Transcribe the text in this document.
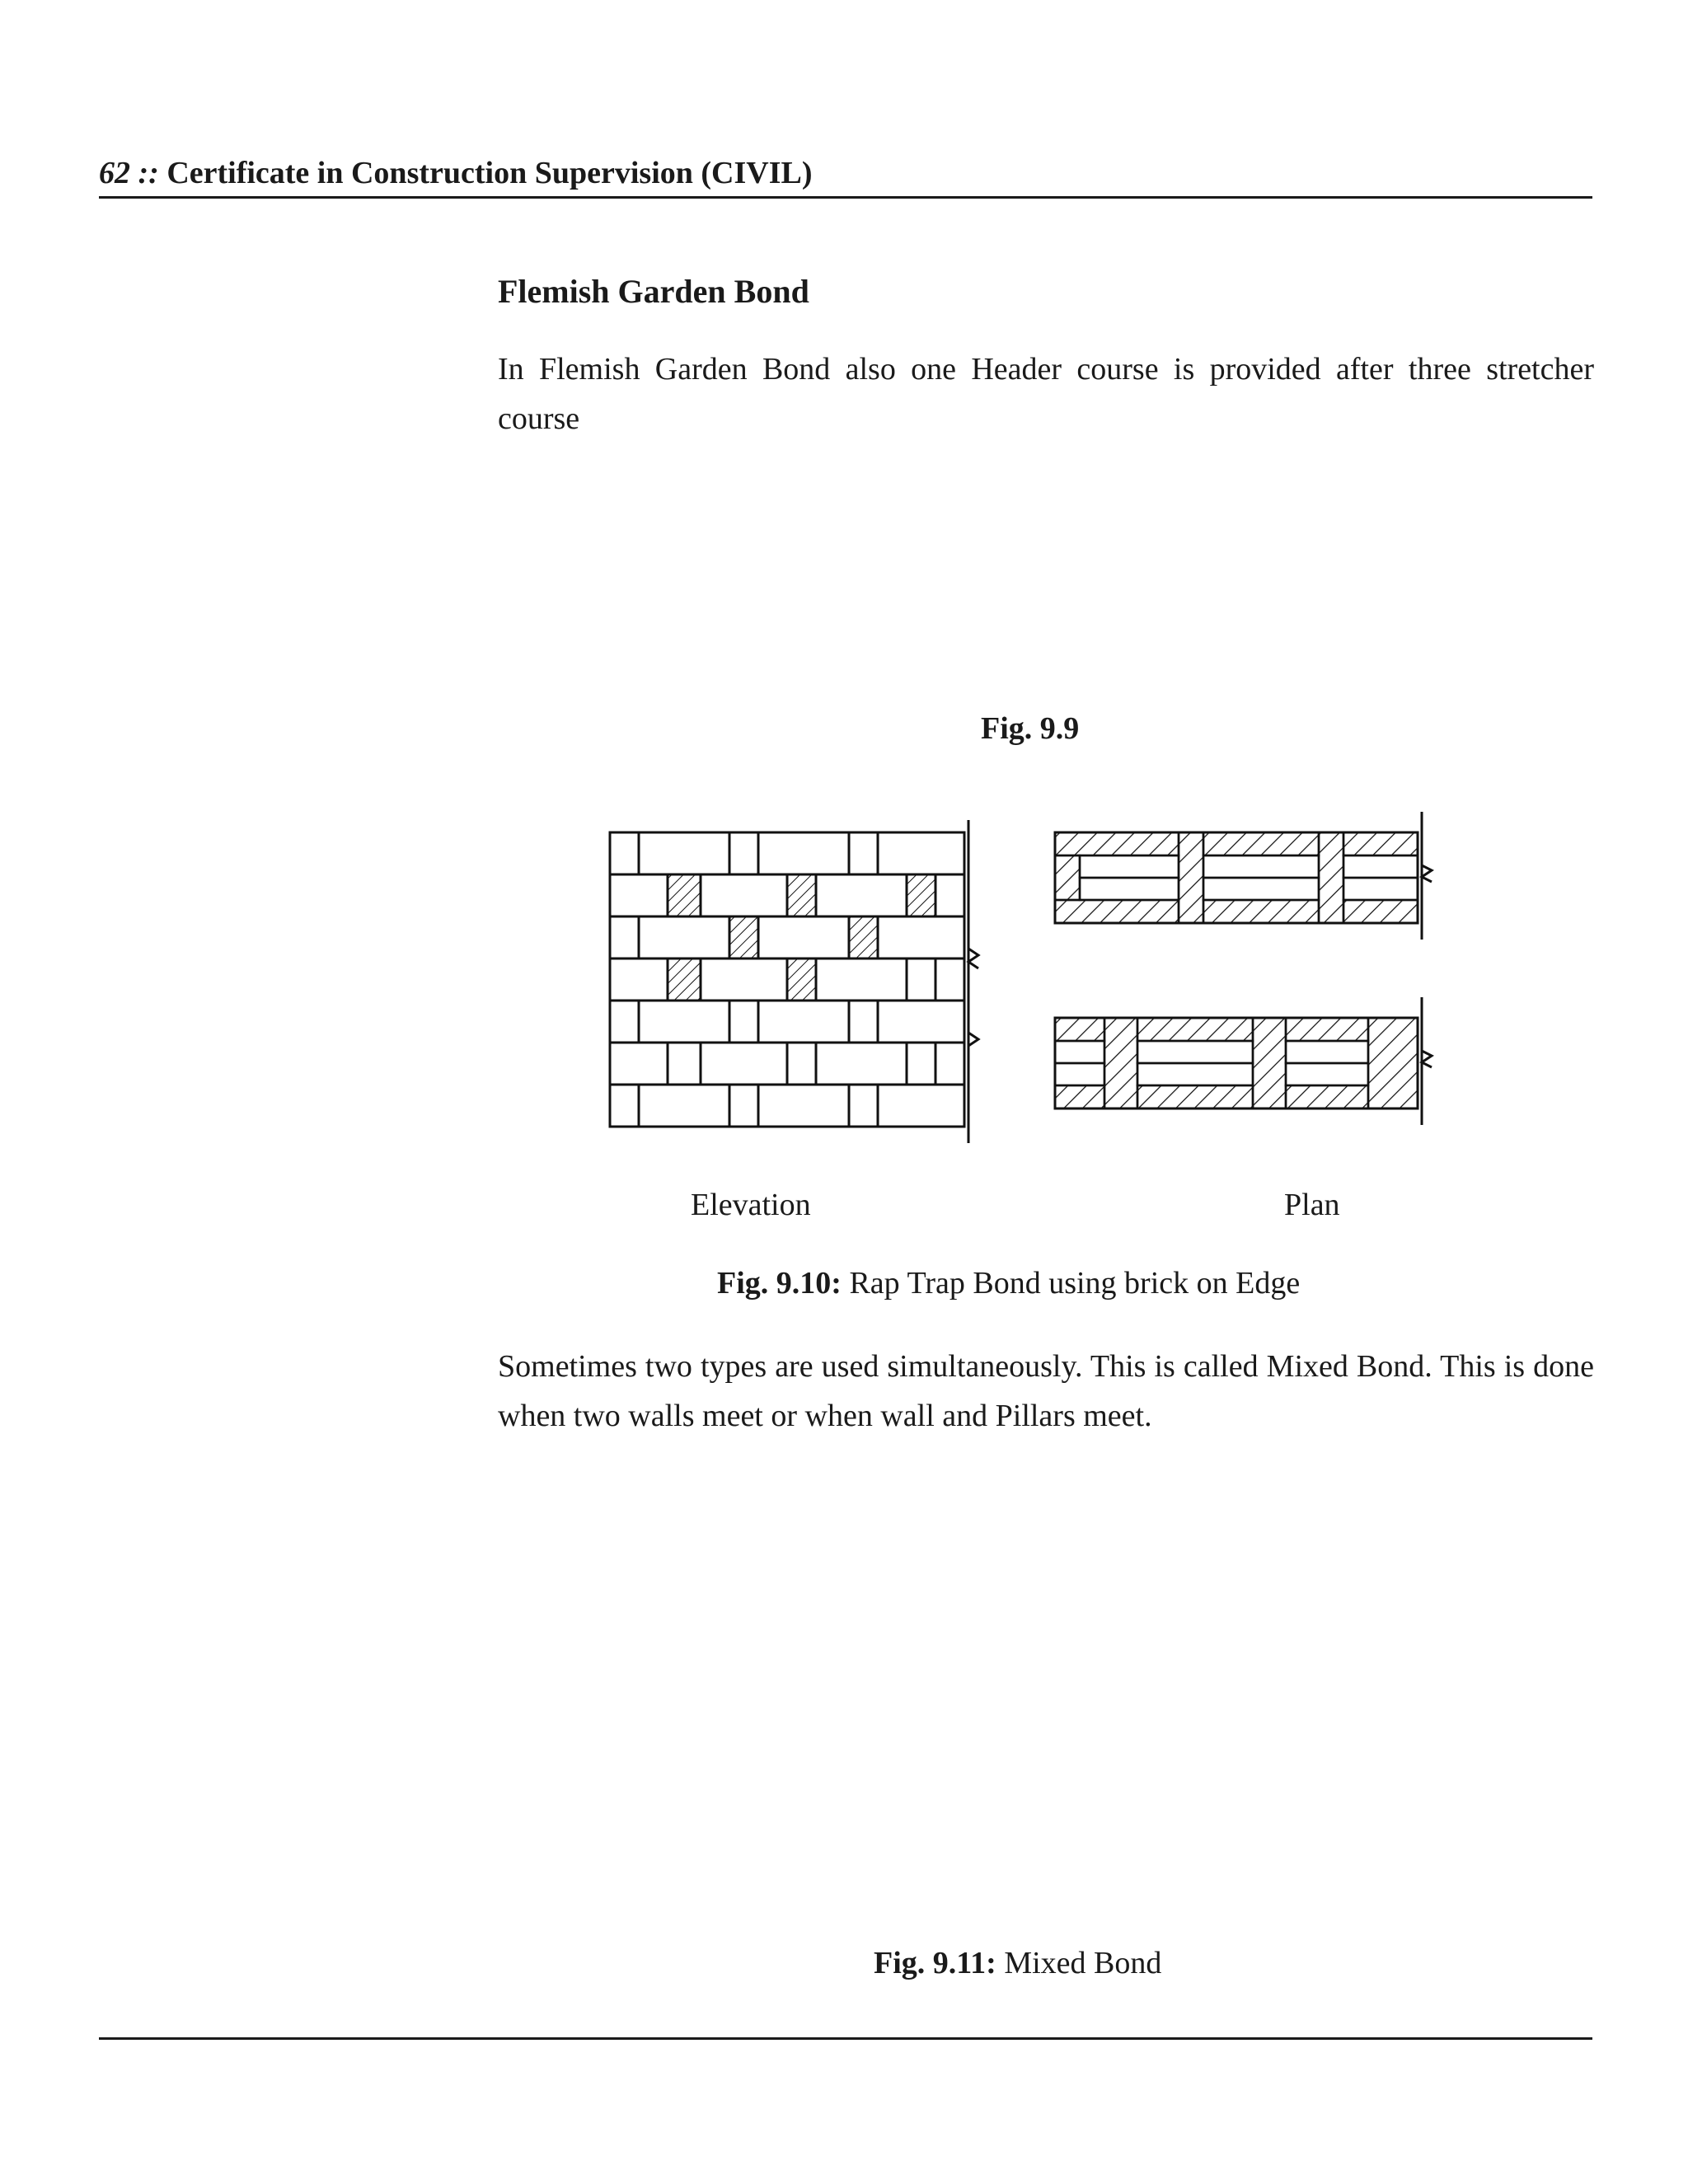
62 :: Certificate in Construction Supervision (CIVIL)
Flemish Garden Bond
In Flemish Garden Bond also one Header course is provided after three stretcher course
Fig. 9.9
Elevation	Plan
Fig. 9.10: Rap Trap Bond using brick on Edge
Sometimes two types are used simultaneously. This is called Mixed Bond. This is done when two walls meet or when wall and Pillars meet.
Fig. 9.11: Mixed Bond
